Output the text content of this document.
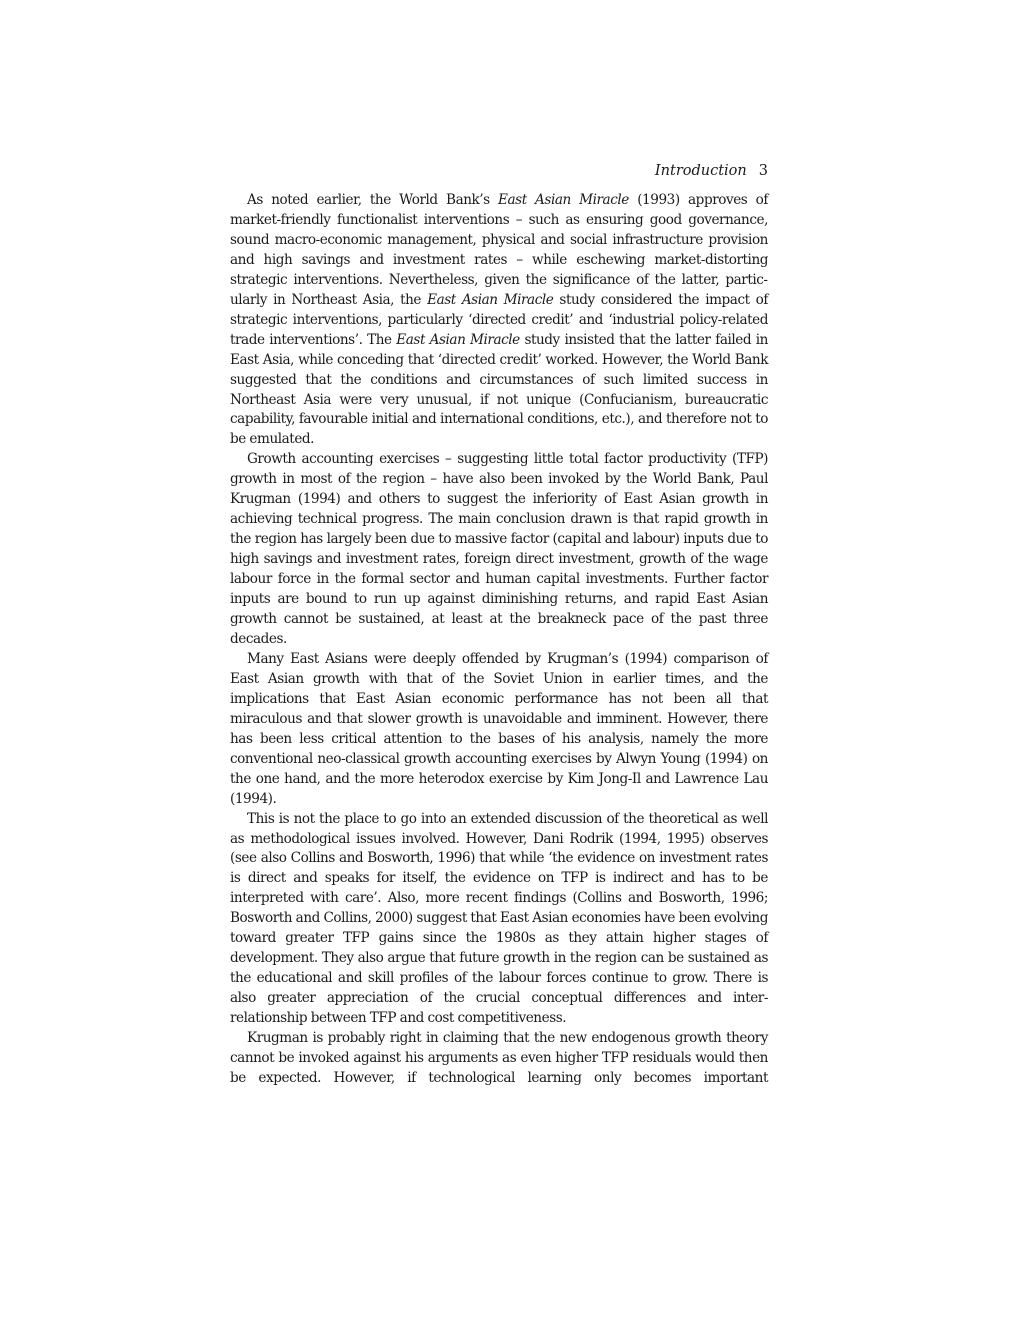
Introduction 3

As noted earlier, the World Bank’s East Asian Miracle (1993) approves of market-friendly functionalist interventions – such as ensuring good governance, sound macro-economic management, physical and social infrastructure provision and high savings and investment rates – while eschewing market-distorting strategic interventions. Nevertheless, given the significance of the latter, particularly in Northeast Asia, the East Asian Miracle study considered the impact of strategic interventions, particularly ‘directed credit’ and ‘industrial policy-related trade interventions’. The East Asian Miracle study insisted that the latter failed in East Asia, while conceding that ‘directed credit’ worked. However, the World Bank suggested that the conditions and circumstances of such limited success in Northeast Asia were very unusual, if not unique (Confucianism, bureaucratic capability, favourable initial and international conditions, etc.), and therefore not to be emulated.

Growth accounting exercises – suggesting little total factor productivity (TFP) growth in most of the region – have also been invoked by the World Bank, Paul Krugman (1994) and others to suggest the inferiority of East Asian growth in achieving technical progress. The main conclusion drawn is that rapid growth in the region has largely been due to massive factor (capital and labour) inputs due to high savings and investment rates, foreign direct investment, growth of the wage labour force in the formal sector and human capital investments. Further factor inputs are bound to run up against diminishing returns, and rapid East Asian growth cannot be sustained, at least at the breakneck pace of the past three decades.

Many East Asians were deeply offended by Krugman’s (1994) comparison of East Asian growth with that of the Soviet Union in earlier times, and the implications that East Asian economic performance has not been all that miraculous and that slower growth is unavoidable and imminent. However, there has been less critical attention to the bases of his analysis, namely the more conventional neo-classical growth accounting exercises by Alwyn Young (1994) on the one hand, and the more heterodox exercise by Kim Jong-Il and Lawrence Lau (1994).

This is not the place to go into an extended discussion of the theoretical as well as methodological issues involved. However, Dani Rodrik (1994, 1995) observes (see also Collins and Bosworth, 1996) that while ‘the evidence on investment rates is direct and speaks for itself, the evidence on TFP is indirect and has to be interpreted with care’. Also, more recent findings (Collins and Bosworth, 1996; Bosworth and Collins, 2000) suggest that East Asian economies have been evolving toward greater TFP gains since the 1980s as they attain higher stages of development. They also argue that future growth in the region can be sustained as the educational and skill profiles of the labour forces continue to grow. There is also greater appreciation of the crucial conceptual differences and inter-relationship between TFP and cost competitiveness.

Krugman is probably right in claiming that the new endogenous growth theory cannot be invoked against his arguments as even higher TFP residuals would then be expected. However, if technological learning only becomes important
